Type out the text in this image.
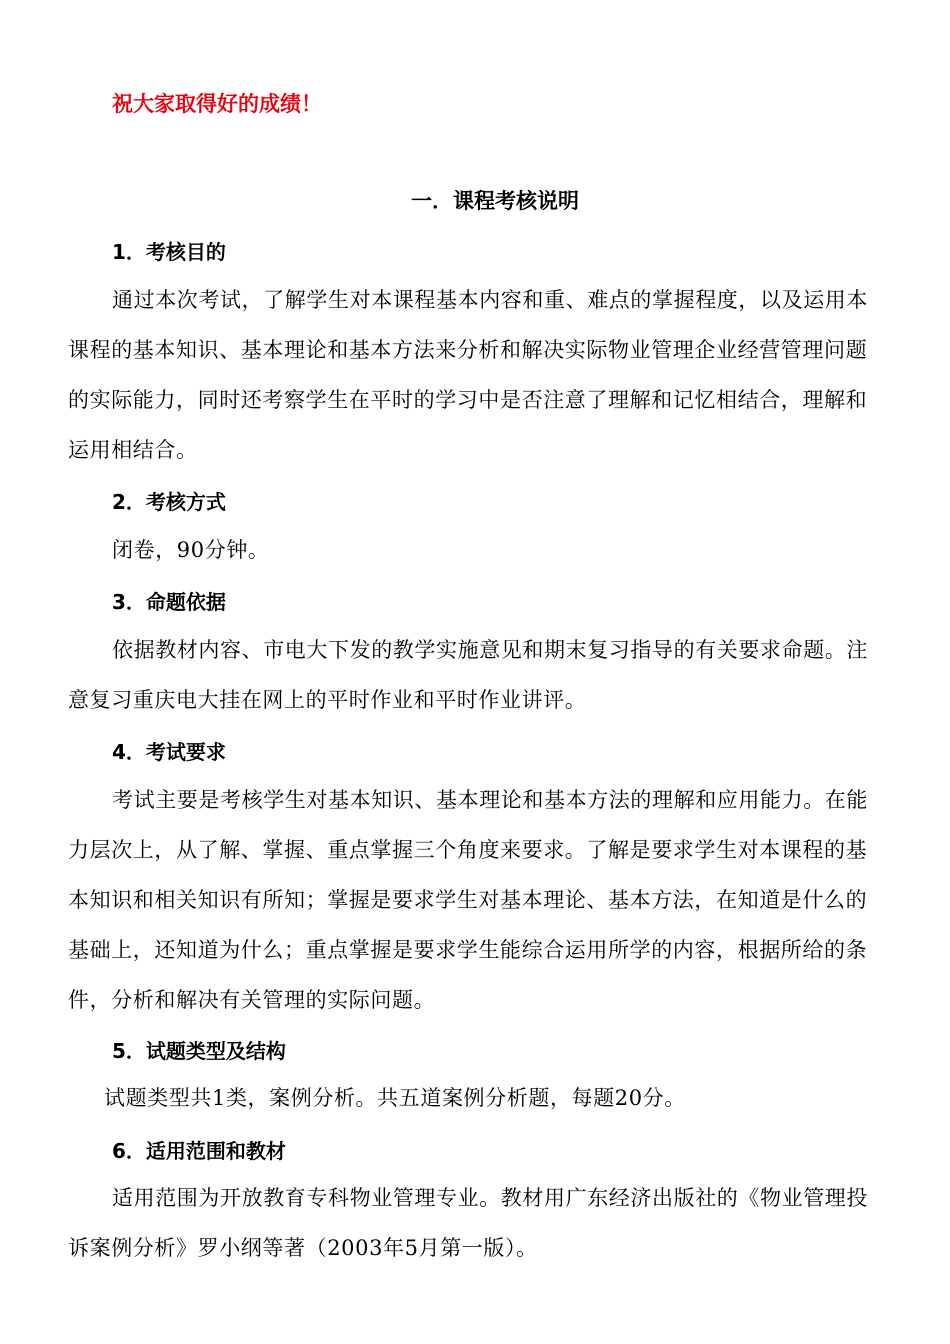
祝大家取得好的成绩！
一．课程考核说明
1．考核目的
通过本次考试，了解学生对本课程基本内容和重、难点的掌握程度，以及运用本课程的基本知识、基本理论和基本方法来分析和解决实际物业管理企业经营管理问题的实际能力，同时还考察学生在平时的学习中是否注意了理解和记忆相结合，理解和运用相结合。
2．考核方式
闭卷，90分钟。
3．命题依据
依据教材内容、市电大下发的教学实施意见和期末复习指导的有关要求命题。注意复习重庆电大挂在网上的平时作业和平时作业讲评。
4．考试要求
考试主要是考核学生对基本知识、基本理论和基本方法的理解和应用能力。在能力层次上，从了解、掌握、重点掌握三个角度来要求。了解是要求学生对本课程的基本知识和相关知识有所知；掌握是要求学生对基本理论、基本方法，在知道是什么的基础上，还知道为什么；重点掌握是要求学生能综合运用所学的内容，根据所给的条件，分析和解决有关管理的实际问题。
5．试题类型及结构
试题类型共1类，案例分析。共五道案例分析题，每题20分。
6．适用范围和教材
适用范围为开放教育专科物业管理专业。教材用广东经济出版社的《物业管理投诉案例分析》罗小纲等著（2003年5月第一版）。
